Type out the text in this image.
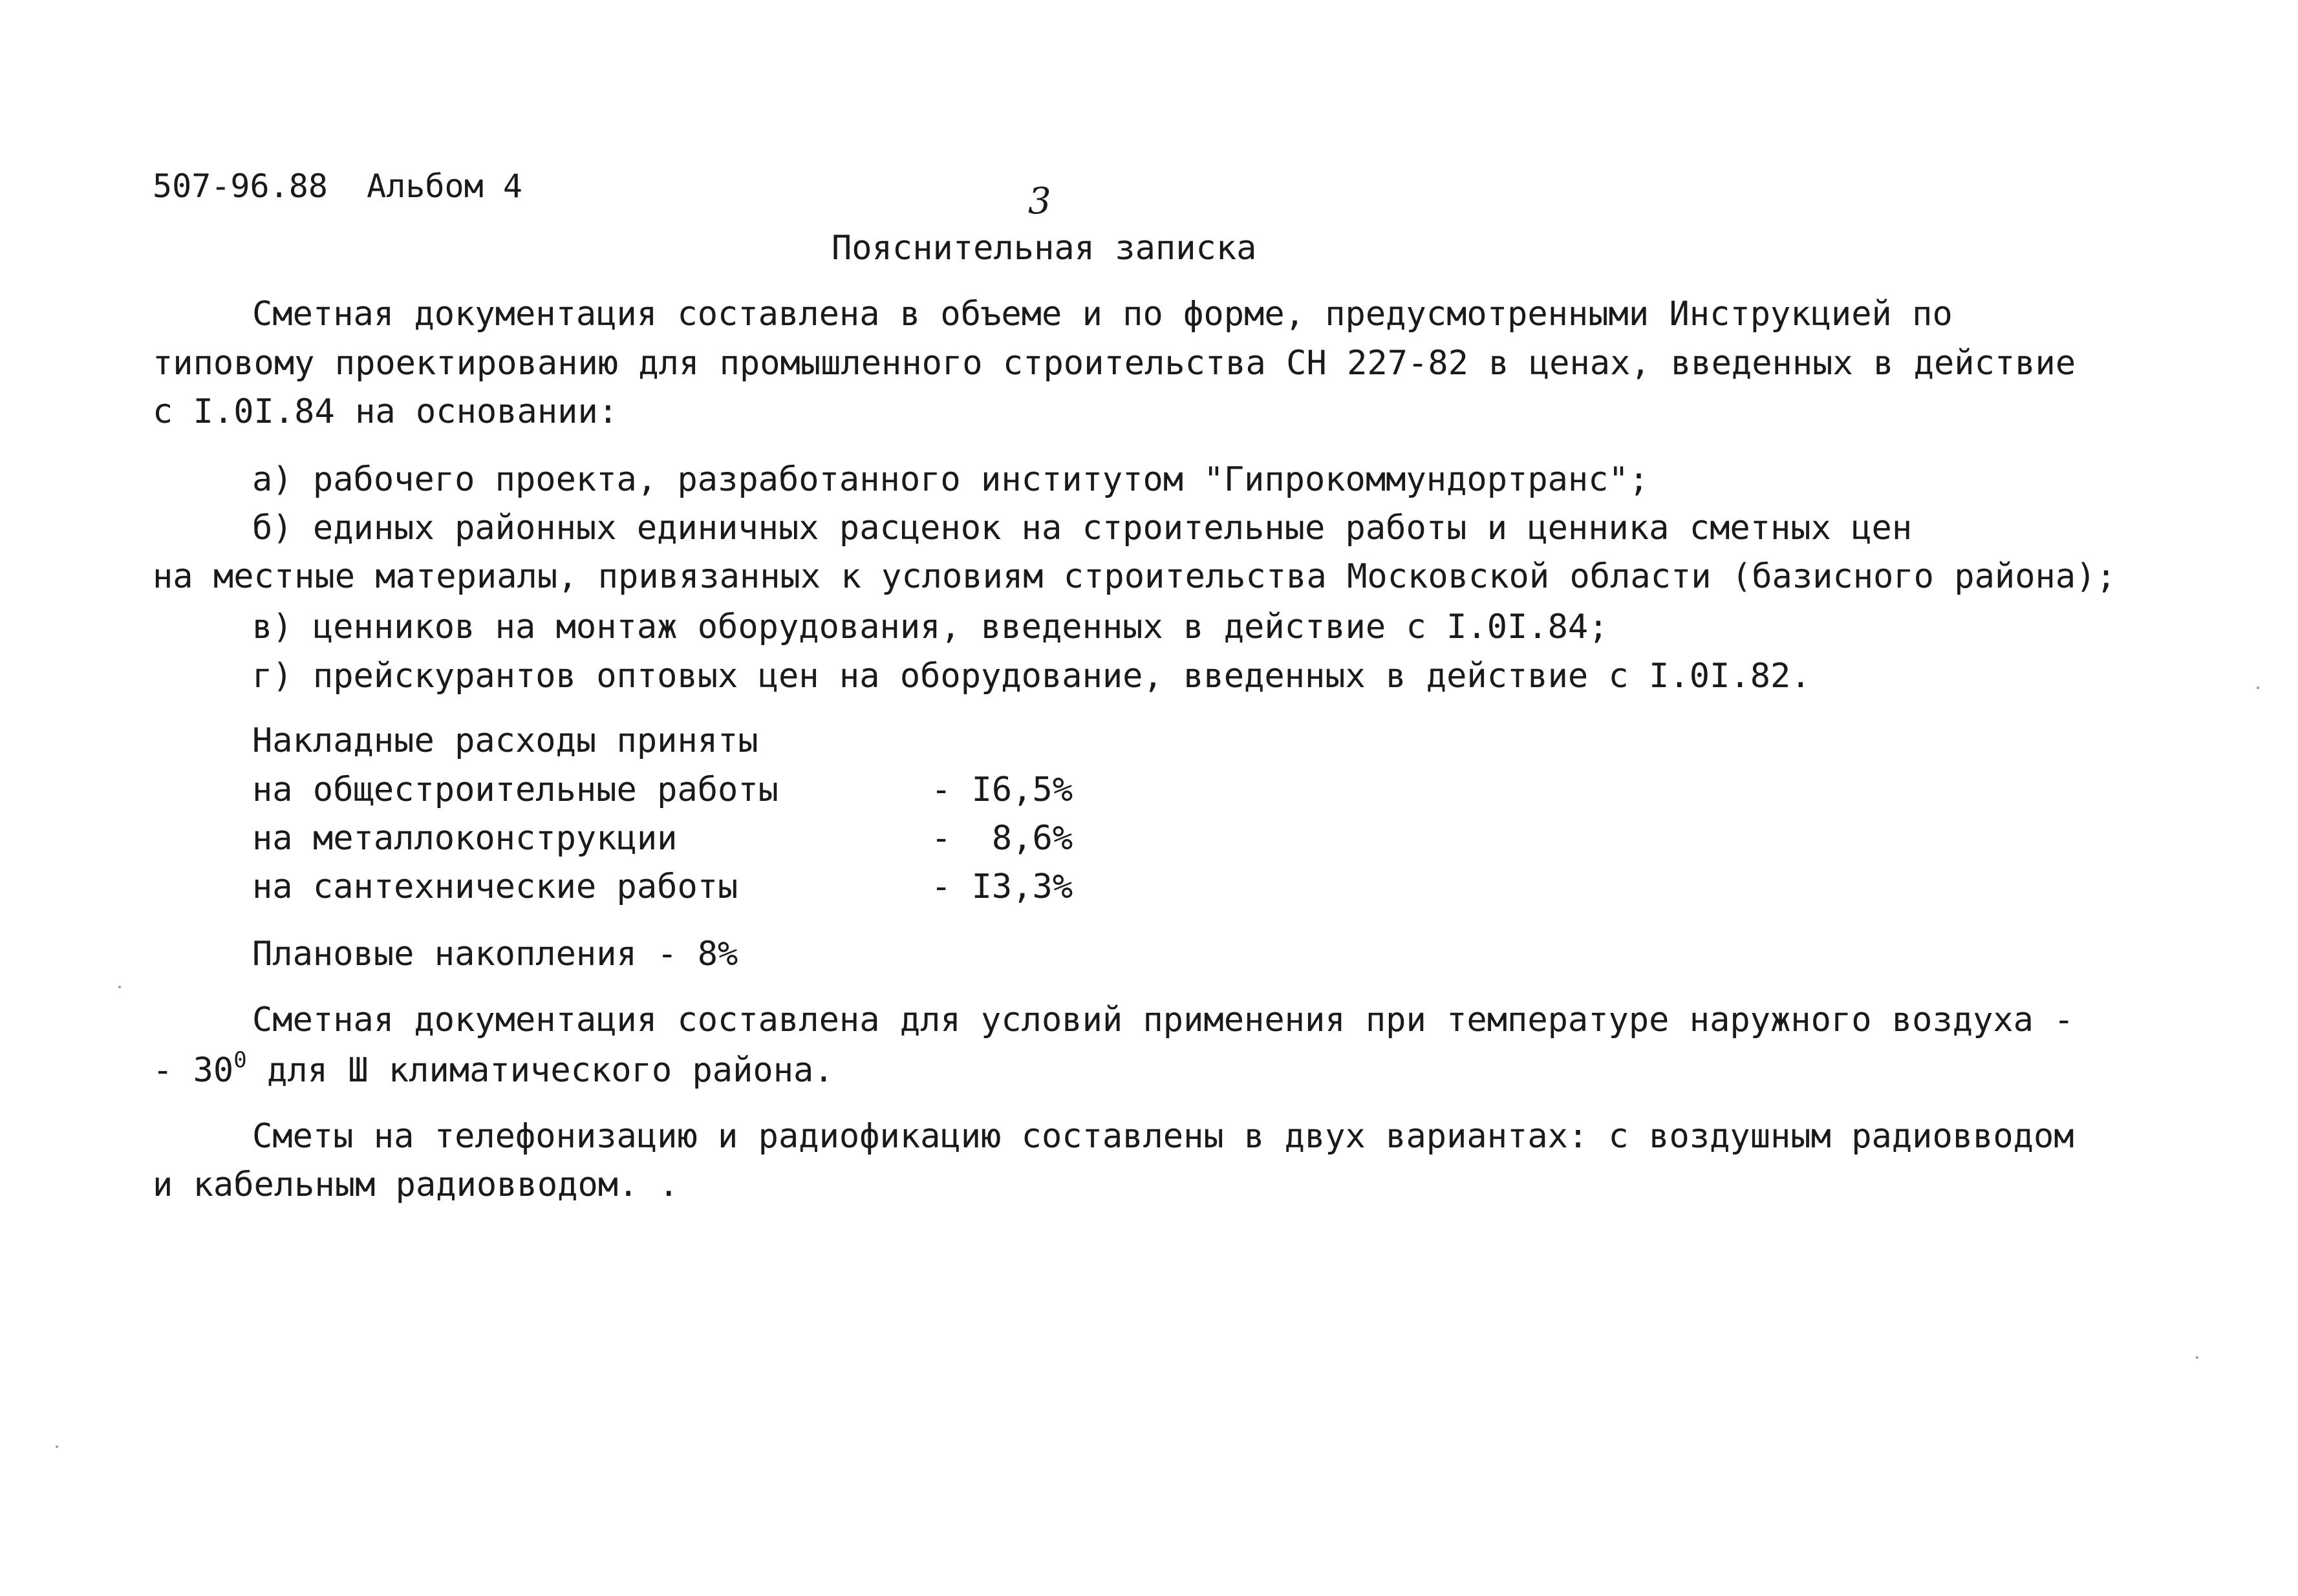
507-96.88  Альбом 4	3
Пояснительная записка
Сметная документация составлена в объеме и по форме, предусмотренными Инструкцией по
типовому проектированию для промышленного строительства СН 227-82 в ценах, введенных в действие
с I.0I.84 на основании:
а) рабочего проекта, разработанного институтом "Гипрокоммундортранс";
б) единых районных единичных расценок на строительные работы и ценника сметных цен
на местные материалы, привязанных к условиям строительства Московской области (базисного района);
в) ценников на монтаж оборудования, введенных в действие с I.0I.84;
г) прейскурантов оптовых цен на оборудование, введенных в действие с I.0I.82.
Накладные расходы приняты
на общестроительные работы	- I6,5%
на металлоконструкции	-  8,6%
на сантехнические работы	- I3,3%
Плановые накопления - 8%
Сметная документация составлена для условий применения при температуре наружного воздуха -
- $30^0$ для Ш климатического района.
Сметы на телефонизацию и радиофикацию составлены в двух вариантах: с воздушным радиовводом
и кабельным радиовводом. .
